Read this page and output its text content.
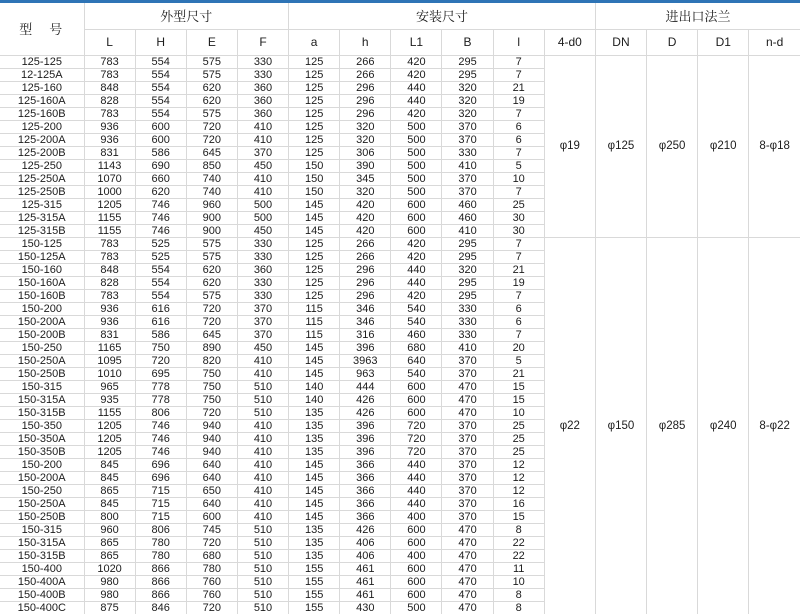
型　号	外型尺寸				安装尺寸						进出口法兰			
	L	H	E	F	a	h	L1	B	l	4-d0	DN	D	D1	n-d
125-125	783	554	575	330	125	266	420	295	7	φ19	φ125	φ250	φ210	8-φ18
12-125A	783	554	575	330	125	266	420	295	7					
125-160	848	554	620	360	125	296	440	320	21					
125-160A	828	554	620	360	125	296	440	320	19					
125-160B	783	554	575	360	125	296	420	320	7					
125-200	936	600	720	410	125	320	500	370	6					
125-200A	936	600	720	410	125	320	500	370	6					
125-200B	831	586	645	370	125	306	500	330	7					
125-250	1143	690	850	450	150	390	500	410	5					
125-250A	1070	660	740	410	150	345	500	370	10					
125-250B	1000	620	740	410	150	320	500	370	7					
125-315	1205	746	960	500	145	420	600	460	25					
125-315A	1155	746	900	500	145	420	600	460	30					
125-315B	1155	746	900	450	145	420	600	410	30					
150-125	783	525	575	330	125	266	420	295	7	φ22	φ150	φ285	φ240	8-φ22
150-125A	783	525	575	330	125	266	420	295	7					
150-160	848	554	620	360	125	296	440	320	21					
150-160A	828	554	620	330	125	296	440	295	19					
150-160B	783	554	575	330	125	296	420	295	7					
150-200	936	616	720	370	115	346	540	330	6					
150-200A	936	616	720	370	115	346	540	330	6					
150-200B	831	586	645	370	115	316	460	330	7					
150-250	1165	750	890	450	145	396	680	410	20					
150-250A	1095	720	820	410	145	3963	640	370	5					
150-250B	1010	695	750	410	145	963	540	370	21					
150-315	965	778	750	510	140	444	600	470	15					
150-315A	935	778	750	510	140	426	600	470	15					
150-315B	1155	806	720	510	135	426	600	470	10					
150-350	1205	746	940	410	135	396	720	370	25					
150-350A	1205	746	940	410	135	396	720	370	25					
150-350B	1205	746	940	410	135	396	720	370	25					
150-200	845	696	640	410	145	366	440	370	12					
150-200A	845	696	640	410	145	366	440	370	12					
150-250	865	715	650	410	145	366	440	370	12					
150-250A	845	715	640	410	145	366	440	370	16					
150-250B	800	715	600	410	145	366	400	370	15					
150-315	960	806	745	510	135	426	600	470	8					
150-315A	865	780	720	510	135	406	600	470	22					
150-315B	865	780	680	510	135	406	400	470	22					
150-400	1020	866	780	510	155	461	600	470	11					
150-400A	980	866	760	510	155	461	600	470	10					
150-400B	980	866	760	510	155	461	600	470	8					
150-400C	875	846	720	510	155	430	500	470	8					
